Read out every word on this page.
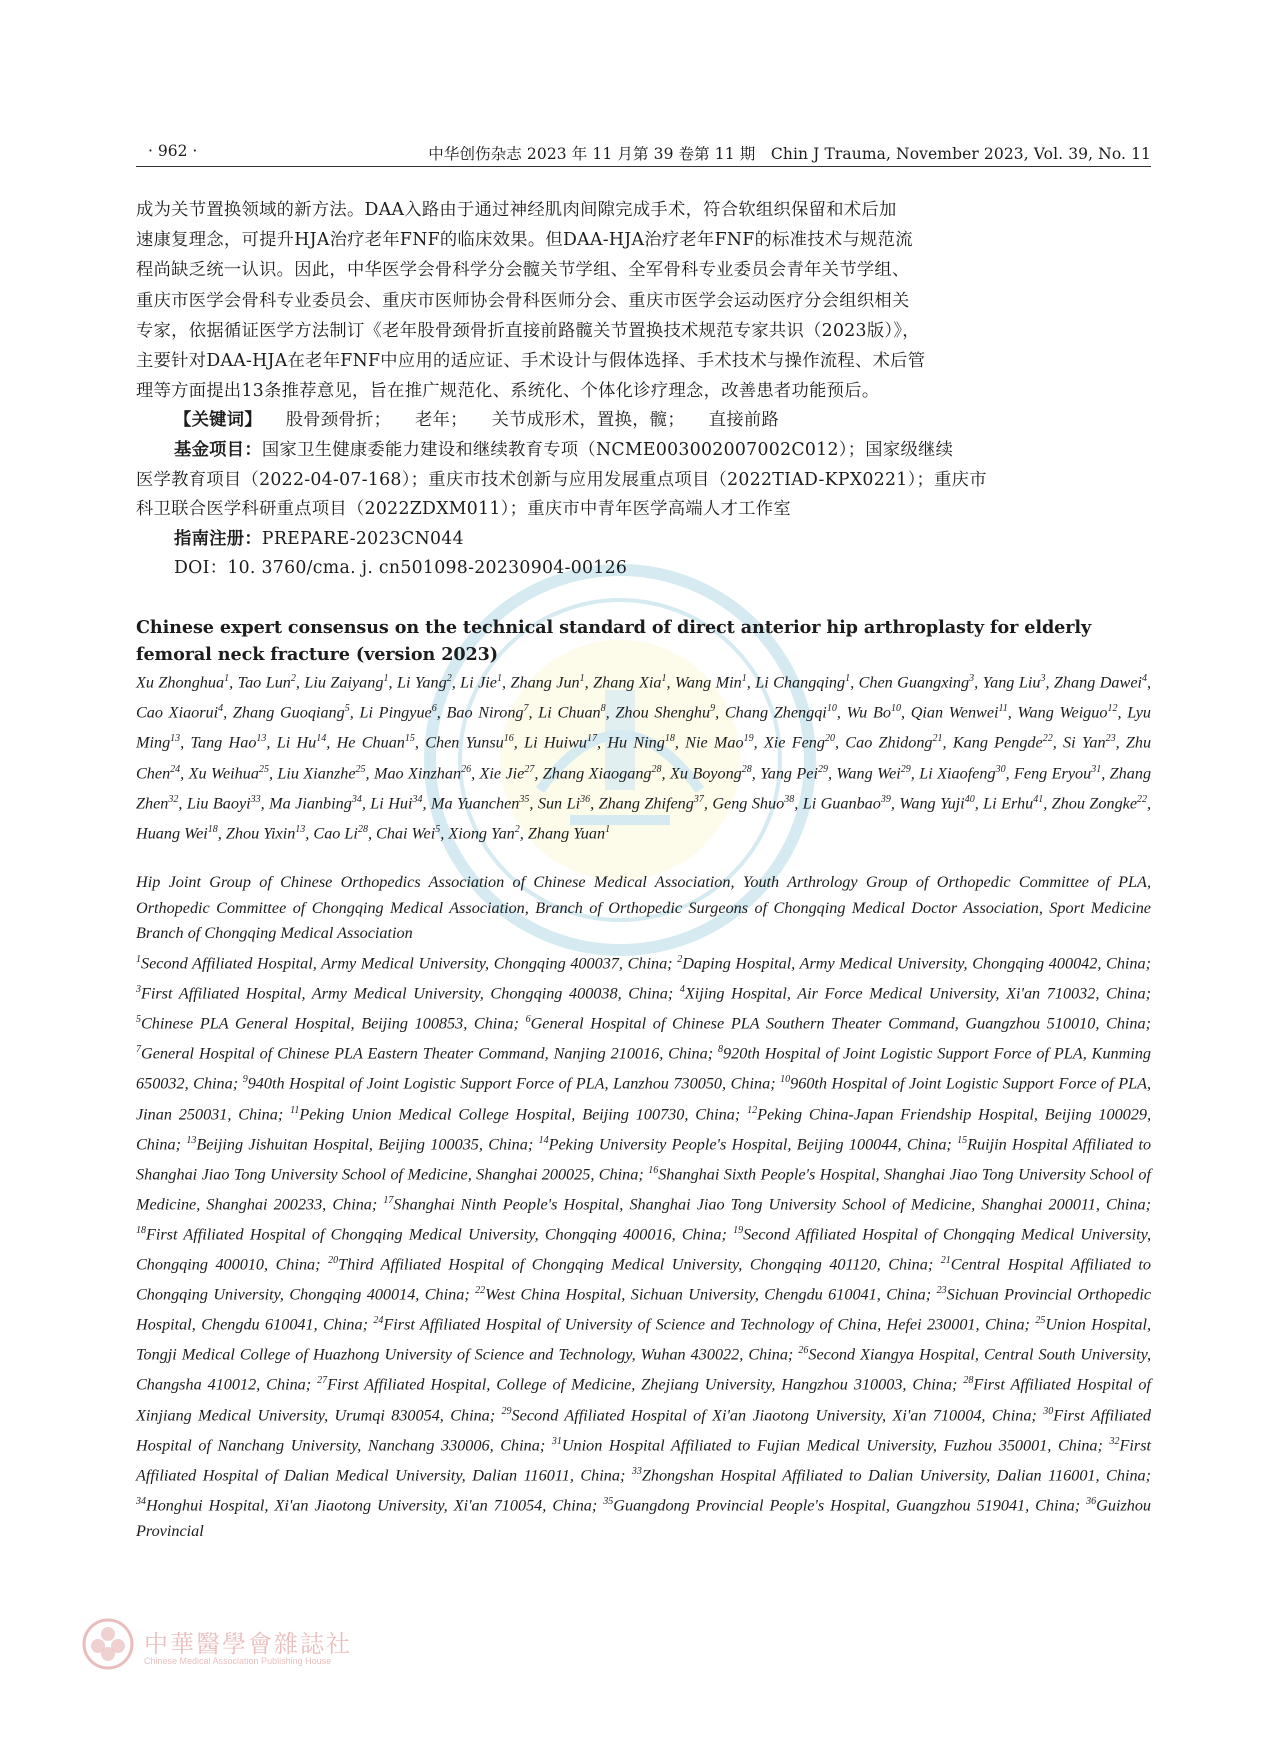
· 962 ·	中华创伤杂志 2023 年 11 月第 39 卷第 11 期　Chin J Trauma, November 2023, Vol. 39, No. 11
成为关节置换领域的新方法。DAA入路由于通过神经肌肉间隙完成手术，符合软组织保留和术后加
速康复理念，可提升HJA治疗老年FNF的临床效果。但DAA-HJA治疗老年FNF的标准技术与规范流
程尚缺乏统一认识。因此，中华医学会骨科学分会髋关节学组、全军骨科专业委员会青年关节学组、
重庆市医学会骨科专业委员会、重庆市医师协会骨科医师分会、重庆市医学会运动医疗分会组织相关
专家，依据循证医学方法制订《老年股骨颈骨折直接前路髋关节置换技术规范专家共识（2023版）》，
主要针对DAA-HJA在老年FNF中应用的适应证、手术设计与假体选择、手术技术与操作流程、术后管
理等方面提出13条推荐意见，旨在推广规范化、系统化、个体化诊疗理念，改善患者功能预后。
【关键词】 股骨颈骨折； 老年； 关节成形术，置换，髋； 直接前路
基金项目：国家卫生健康委能力建设和继续教育专项（NCME003002007002C012）；国家级继续
医学教育项目（2022-04-07-168）；重庆市技术创新与应用发展重点项目（2022TIAD-KPX0221）；重庆市
科卫联合医学科研重点项目（2022ZDXM011）；重庆市中青年医学高端人才工作室
指南注册：PREPARE-2023CN044
DOI：10. 3760/cma. j. cn501098-20230904-00126
Chinese expert consensus on the technical standard of direct anterior hip arthroplasty for elderly femoral neck fracture (version 2023)
Xu Zhonghua$^1$, Tao Lun$^2$, Liu Zaiyang$^1$, Li Yang$^2$, Li Jie$^1$, Zhang Jun$^1$, Zhang Xia$^1$, Wang Min$^1$, Li Changqing$^1$, Chen Guangxing$^3$, Yang Liu$^3$, Zhang Dawei$^4$, Cao Xiaorui$^4$, Zhang Guoqiang$^5$, Li Pingyue$^6$, Bao Nirong$^7$, Li Chuan$^8$, Zhou Shenghu$^9$, Chang Zhengqi$^{10}$, Wu Bo$^{10}$, Qian Wenwei$^{11}$, Wang Weiguo$^{12}$, Lyu Ming$^{13}$, Tang Hao$^{13}$, Li Hu$^{14}$, He Chuan$^{15}$, Chen Yunsu$^{16}$, Li Huiwu$^{17}$, Hu Ning$^{18}$, Nie Mao$^{19}$, Xie Feng$^{20}$, Cao Zhidong$^{21}$, Kang Pengde$^{22}$, Si Yan$^{23}$, Zhu Chen$^{24}$, Xu Weihua$^{25}$, Liu Xianzhe$^{25}$, Mao Xinzhan$^{26}$, Xie Jie$^{27}$, Zhang Xiaogang$^{28}$, Xu Boyong$^{28}$, Yang Pei$^{29}$, Wang Wei$^{29}$, Li Xiaofeng$^{30}$, Feng Eryou$^{31}$, Zhang Zhen$^{32}$, Liu Baoyi$^{33}$, Ma Jianbing$^{34}$, Li Hui$^{34}$, Ma Yuanchen$^{35}$, Sun Li$^{36}$, Zhang Zhifeng$^{37}$, Geng Shuo$^{38}$, Li Guanbao$^{39}$, Wang Yuji$^{40}$, Li Erhu$^{41}$, Zhou Zongke$^{22}$, Huang Wei$^{18}$, Zhou Yixin$^{13}$, Cao Li$^{28}$, Chai Wei$^5$, Xiong Yan$^2$, Zhang Yuan$^1$
Hip Joint Group of Chinese Orthopedics Association of Chinese Medical Association, Youth Arthrology Group of Orthopedic Committee of PLA, Orthopedic Committee of Chongqing Medical Association, Branch of Orthopedic Surgeons of Chongqing Medical Doctor Association, Sport Medicine Branch of Chongqing Medical Association
$^1$Second Affiliated Hospital, Army Medical University, Chongqing 400037, China; $^2$Daping Hospital, Army Medical University, Chongqing 400042, China; $^3$First Affiliated Hospital, Army Medical University, Chongqing 400038, China; $^4$Xijing Hospital, Air Force Medical University, Xi'an 710032, China; $^5$Chinese PLA General Hospital, Beijing 100853, China; $^6$General Hospital of Chinese PLA Southern Theater Command, Guangzhou 510010, China; $^7$General Hospital of Chinese PLA Eastern Theater Command, Nanjing 210016, China; $^8$920th Hospital of Joint Logistic Support Force of PLA, Kunming 650032, China; $^9$940th Hospital of Joint Logistic Support Force of PLA, Lanzhou 730050, China; $^{10}$960th Hospital of Joint Logistic Support Force of PLA, Jinan 250031, China; $^{11}$Peking Union Medical College Hospital, Beijing 100730, China; $^{12}$Peking China-Japan Friendship Hospital, Beijing 100029, China; $^{13}$Beijing Jishuitan Hospital, Beijing 100035, China; $^{14}$Peking University People's Hospital, Beijing 100044, China; $^{15}$Ruijin Hospital Affiliated to Shanghai Jiao Tong University School of Medicine, Shanghai 200025, China; $^{16}$Shanghai Sixth People's Hospital, Shanghai Jiao Tong University School of Medicine, Shanghai 200233, China; $^{17}$Shanghai Ninth People's Hospital, Shanghai Jiao Tong University School of Medicine, Shanghai 200011, China; $^{18}$First Affiliated Hospital of Chongqing Medical University, Chongqing 400016, China; $^{19}$Second Affiliated Hospital of Chongqing Medical University, Chongqing 400010, China; $^{20}$Third Affiliated Hospital of Chongqing Medical University, Chongqing 401120, China; $^{21}$Central Hospital Affiliated to Chongqing University, Chongqing 400014, China; $^{22}$West China Hospital, Sichuan University, Chengdu 610041, China; $^{23}$Sichuan Provincial Orthopedic Hospital, Chengdu 610041, China; $^{24}$First Affiliated Hospital of University of Science and Technology of China, Hefei 230001, China; $^{25}$Union Hospital, Tongji Medical College of Huazhong University of Science and Technology, Wuhan 430022, China; $^{26}$Second Xiangya Hospital, Central South University, Changsha 410012, China; $^{27}$First Affiliated Hospital, College of Medicine, Zhejiang University, Hangzhou 310003, China; $^{28}$First Affiliated Hospital of Xinjiang Medical University, Urumqi 830054, China; $^{29}$Second Affiliated Hospital of Xi'an Jiaotong University, Xi'an 710004, China; $^{30}$First Affiliated Hospital of Nanchang University, Nanchang 330006, China; $^{31}$Union Hospital Affiliated to Fujian Medical University, Fuzhou 350001, China; $^{32}$First Affiliated Hospital of Dalian Medical University, Dalian 116011, China; $^{33}$Zhongshan Hospital Affiliated to Dalian University, Dalian 116001, China; $^{34}$Honghui Hospital, Xi'an Jiaotong University, Xi'an 710054, China; $^{35}$Guangdong Provincial People's Hospital, Guangzhou 519041, China; $^{36}$Guizhou Provincial
中華醫學會雜誌社
Chinese Medical Association Publishing House
